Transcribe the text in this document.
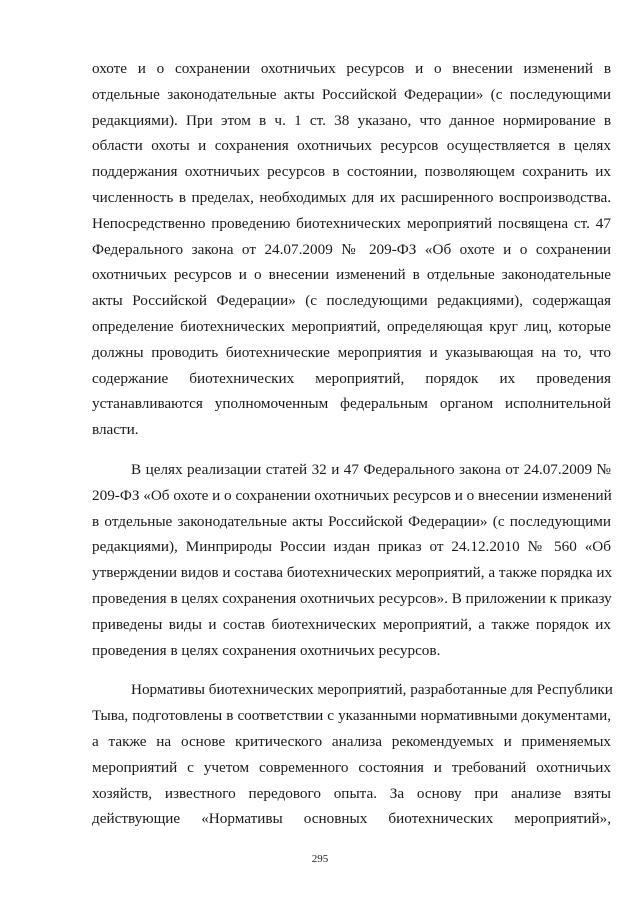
охоте и о сохранении охотничьих ресурсов и о внесении изменений в
отдельные законодательные акты Российской Федерации» (с последующими
редакциями). При этом в ч. 1 ст. 38 указано, что данное нормирование в
области охоты и сохранения охотничьих ресурсов осуществляется в целях
поддержания охотничьих ресурсов в состоянии, позволяющем сохранить их
численность в пределах, необходимых для их расширенного воспроизводства.
Непосредственно проведению биотехнических мероприятий посвящена ст. 47
Федерального закона от 24.07.2009 № 209-ФЗ «Об охоте и о сохранении
охотничьих ресурсов и о внесении изменений в отдельные законодательные
акты Российской Федерации» (с последующими редакциями), содержащая
определение биотехнических мероприятий, определяющая круг лиц, которые
должны проводить биотехнические мероприятия и указывающая на то, что
содержание биотехнических мероприятий, порядок их проведения
устанавливаются уполномоченным федеральным органом исполнительной
власти.
В целях реализации статей 32 и 47 Федерального закона от 24.07.2009 №
209-ФЗ «Об охоте и о сохранении охотничьих ресурсов и о внесении изменений
в отдельные законодательные акты Российской Федерации» (с последующими
редакциями), Минприроды России издан приказ от 24.12.2010 № 560 «Об
утверждении видов и состава биотехнических мероприятий, а также порядка их
проведения в целях сохранения охотничьих ресурсов». В приложении к приказу
приведены виды и состав биотехнических мероприятий, а также порядок их
проведения в целях сохранения охотничьих ресурсов.
Нормативы биотехнических мероприятий, разработанные для Республики
Тыва, подготовлены в соответствии с указанными нормативными документами,
а также на основе критического анализа рекомендуемых и применяемых
мероприятий с учетом современного состояния и требований охотничьих
хозяйств, известного передового опыта. За основу при анализе взяты
действующие «Нормативы основных биотехнических мероприятий»,
295
